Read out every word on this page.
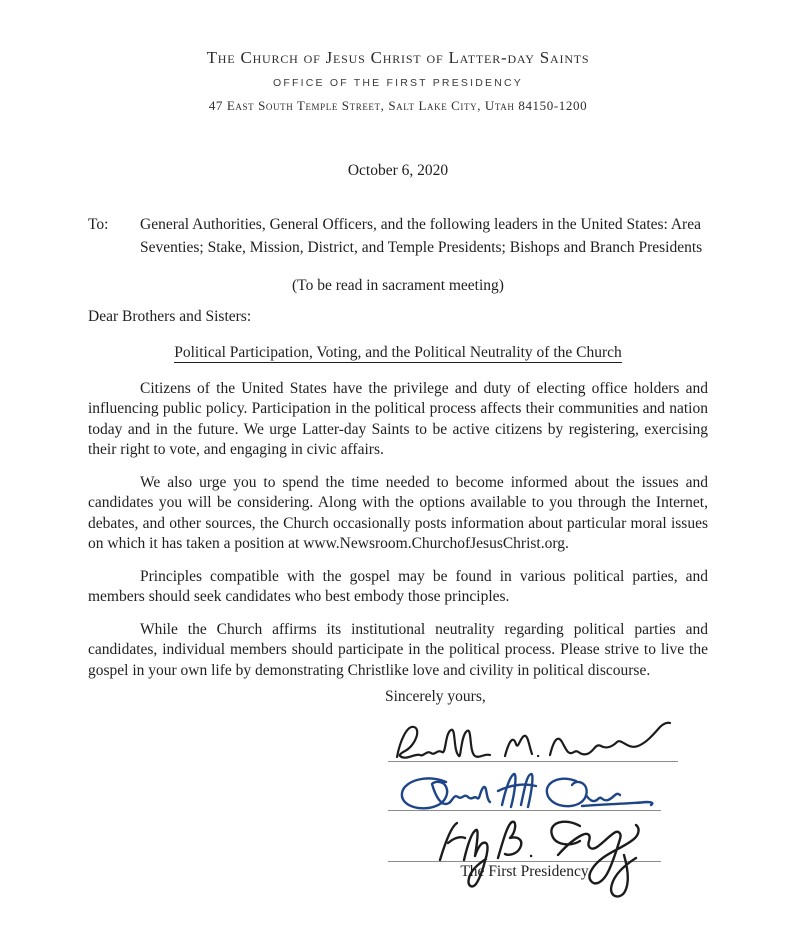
The Church of Jesus Christ of Latter-day Saints
OFFICE OF THE FIRST PRESIDENCY
47 East South Temple Street, Salt Lake City, Utah 84150-1200
October 6, 2020
To:	General Authorities, General Officers, and the following leaders in the United States: Area Seventies; Stake, Mission, District, and Temple Presidents; Bishops and Branch Presidents
(To be read in sacrament meeting)
Dear Brothers and Sisters:
Political Participation, Voting, and the Political Neutrality of the Church

Citizens of the United States have the privilege and duty of electing office holders and influencing public policy. Participation in the political process affects their communities and nation today and in the future. We urge Latter-day Saints to be active citizens by registering, exercising their right to vote, and engaging in civic affairs.

We also urge you to spend the time needed to become informed about the issues and candidates you will be considering. Along with the options available to you through the Internet, debates, and other sources, the Church occasionally posts information about particular moral issues on which it has taken a position at www.Newsroom.ChurchofJesusChrist.org.

Principles compatible with the gospel may be found in various political parties, and members should seek candidates who best embody those principles.

While the Church affirms its institutional neutrality regarding political parties and candidates, individual members should participate in the political process. Please strive to live the gospel in your own life by demonstrating Christlike love and civility in political discourse.

Sincerely yours,
The First Presidency
